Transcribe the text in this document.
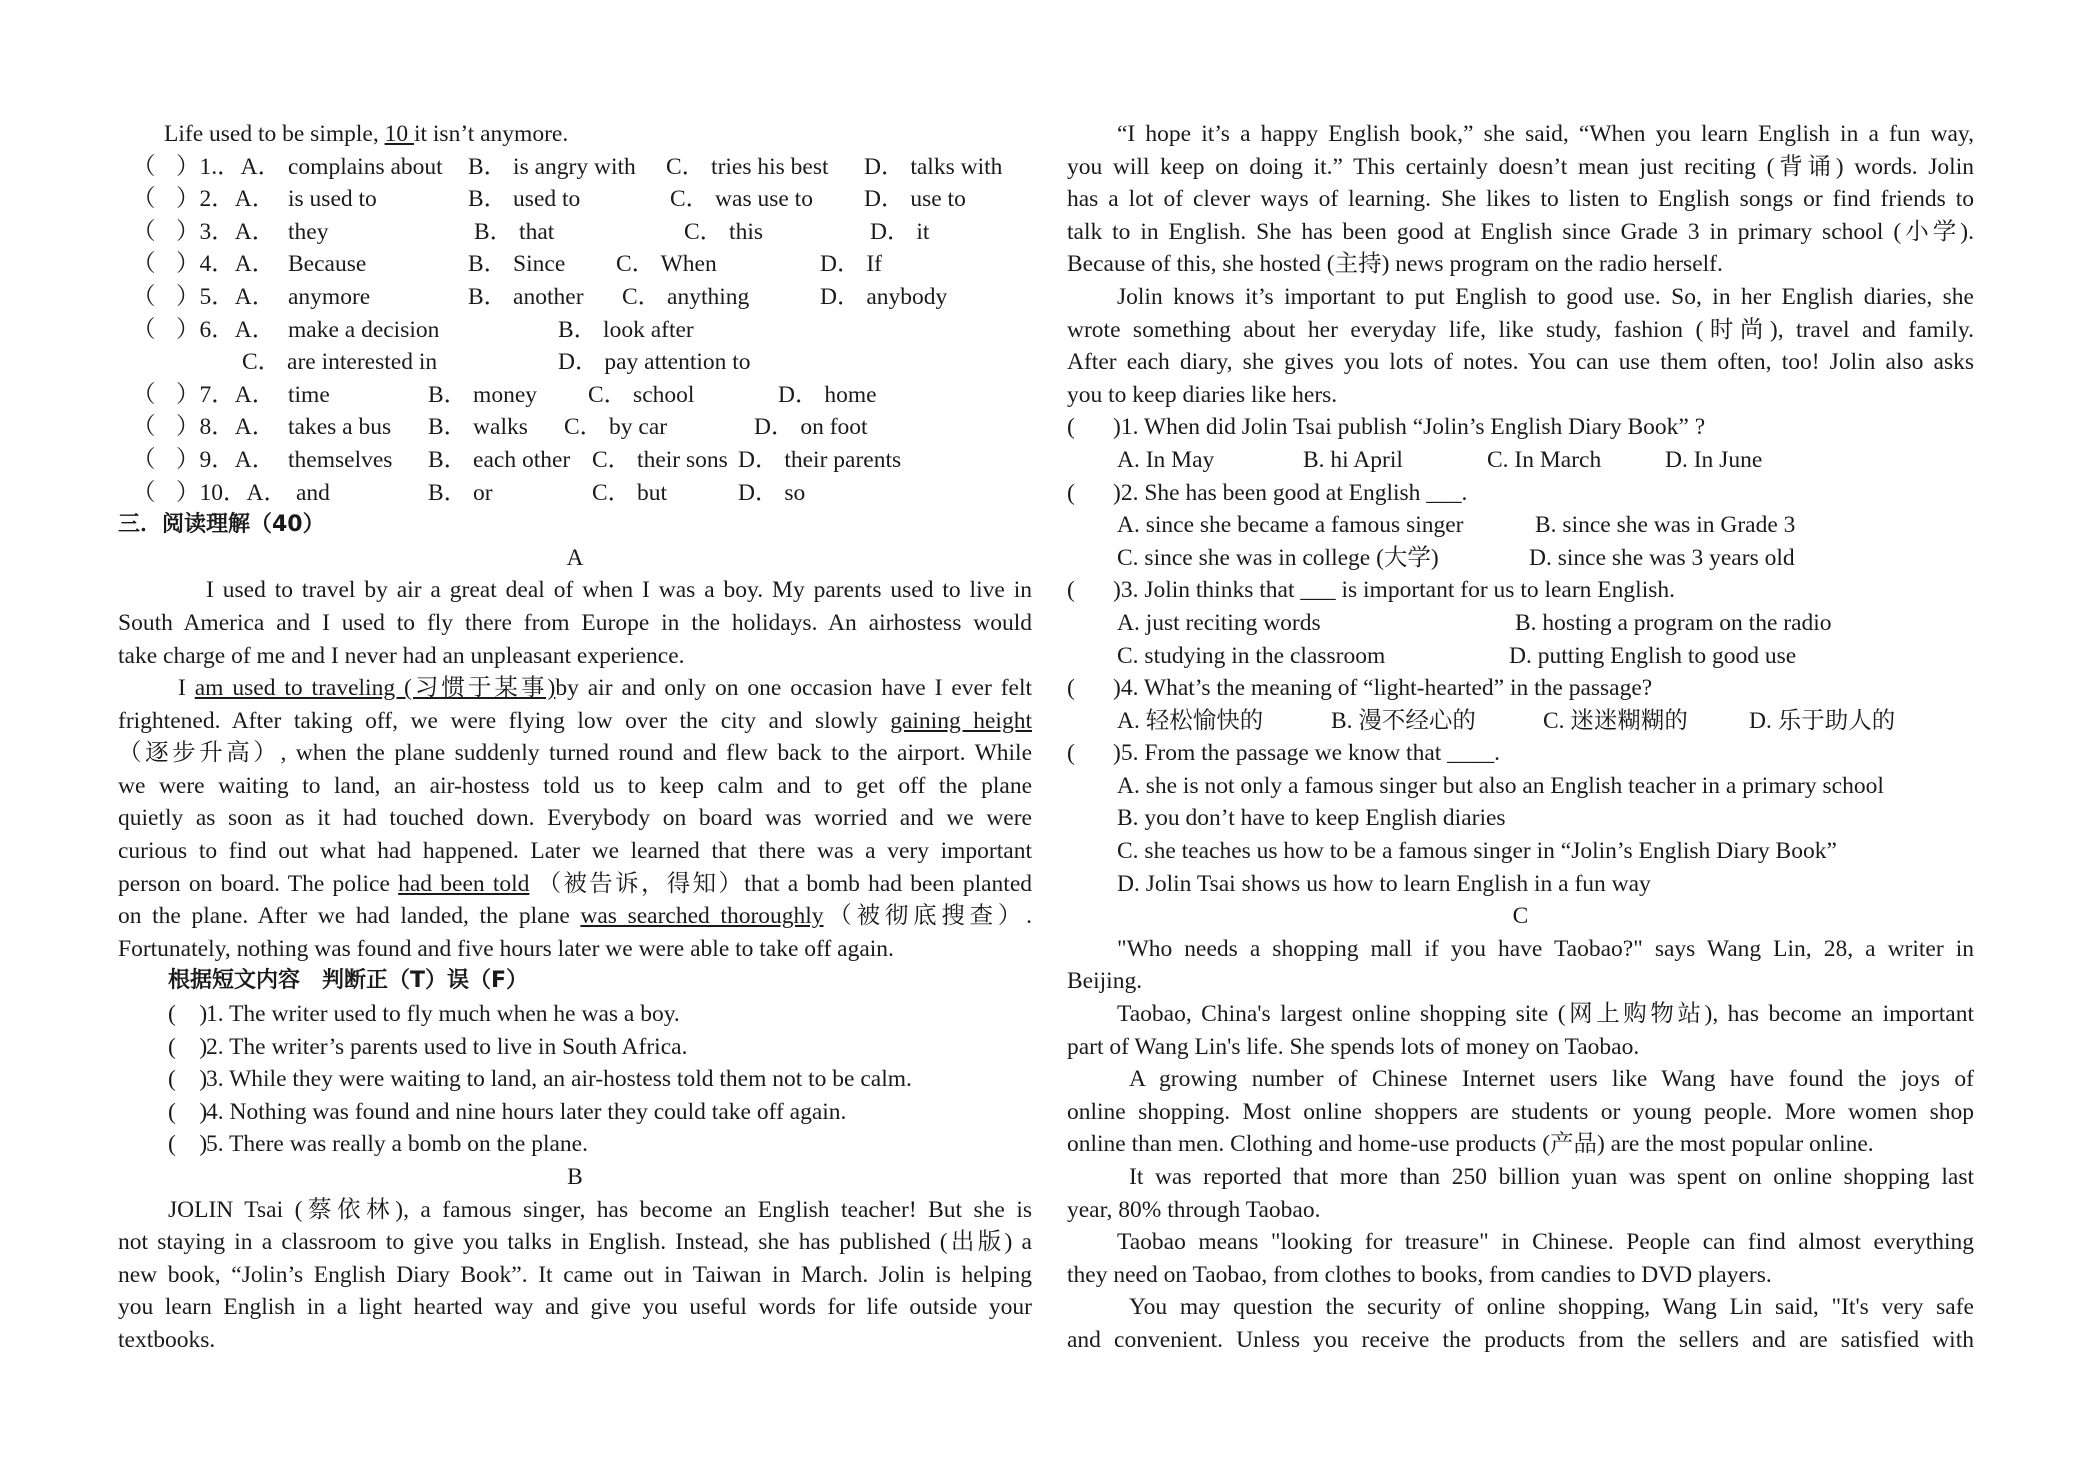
Life used to be simple, 10 it isn’t anymore.
（ ）1.．A． complains about B． is angry with C． tries his best D． talks with
（ ）2．A． is used to	B． used to	C． was use to D． use to
（ ）3．A． they	B． that	C． this	D． it
（ ）4．A． Because	B． Since C． When	D． If
（ ）5．A． anymore	B． another C． anything	D． anybody
（ ）6．A． make a decision	B． look after
C． are interested in	D． pay attention to
（ ）7．A． time	B． money C． school	D． home
（ ）8．A． takes a bus B． walks C． by car	D． on foot
（ ）9．A． themselves B． each other C． their sons D． their parents
（ ）10．A． and	B． or	C． but	D． so
三．阅读理解（40）
A
I used to travel by air a great deal of when I was a boy. My parents used to live in
South America and I used to fly there from Europe in the holidays. An airhostess would
take charge of me and I never had an unpleasant experience.
I am used to traveling (习惯于某事)by air and only on one occasion have I ever felt
frightened. After taking off, we were flying low over the city and slowly gaining height
（逐步升高）, when the plane suddenly turned round and flew back to the airport. While
we were waiting to land, an air-hostess told us to keep calm and to get off the plane
quietly as soon as it had touched down. Everybody on board was worried and we were
curious to find out what had happened. Later we learned that there was a very important
person on board. The police had been told （被告诉，得知）that a bomb had been planted
on the plane. After we had landed, the plane was searched thoroughly（被彻底搜查）.
Fortunately, nothing was found and five hours later we were able to take off again.
根据短文内容　判断正（T）误（F）
(　)
1. The writer used to fly much when he was a boy.
(　)
2. The writer’s parents used to live in South Africa.
(　)
3. While they were waiting to land, an air-hostess told them not to be calm.
(　)
4. Nothing was found and nine hours later they could take off again.
(　)
5. There was really a bomb on the plane.
B
JOLIN Tsai (蔡依林), a famous singer, has become an English teacher! But she is
not staying in a classroom to give you talks in English. Instead, she has published (出版) a
new book, “Jolin’s English Diary Book”. It came out in Taiwan in March. Jolin is helping
you learn English in a light hearted way and give you useful words for life outside your
textbooks.
“I hope it’s a happy English book,” she said, “When you learn English in a fun way,
you will keep on doing it.” This certainly doesn’t mean just reciting (背诵) words. Jolin
has a lot of clever ways of learning. She likes to listen to English songs or find friends to
talk to in English. She has been good at English since Grade 3 in primary school (小学).
Because of this, she hosted (主持) news program on the radio herself.
Jolin knows it’s important to put English to good use. So, in her English diaries, she
wrote something about her everyday life, like study, fashion (时尚), travel and family.
After each diary, she gives you lots of notes. You can use them often, too! Jolin also asks
you to keep diaries like hers.
( )1. When did Jolin Tsai publish “Jolin’s English Diary Book” ?
A. In May	B. hi April	C. In March	D. In June
( )2. She has been good at English ___.
A. since she became a famous singer	B. since she was in Grade 3
C. since she was in college (大学)	D. since she was 3 years old
( )3. Jolin thinks that ___ is important for us to learn English.
A. just reciting words	B. hosting a program on the radio
C. studying in the classroom	D. putting English to good use
( )4. What’s the meaning of “light-hearted” in the passage?
A. 轻松愉快的	B. 漫不经心的	C. 迷迷糊糊的	D. 乐于助人的
( )5. From the passage we know that ____.
A. she is not only a famous singer but also an English teacher in a primary school
B. you don’t have to keep English diaries
C. she teaches us how to be a famous singer in “Jolin’s English Diary Book”
D. Jolin Tsai shows us how to learn English in a fun way
C
"Who needs a shopping mall if you have Taobao?" says Wang Lin, 28, a writer in
Beijing.
Taobao, China's largest online shopping site (网上购物站), has become an important
part of Wang Lin's life. She spends lots of money on Taobao.
A growing number of Chinese Internet users like Wang have found the joys of
online shopping. Most online shoppers are students or young people. More women shop
online than men. Clothing and home-use products (产品) are the most popular online.
It was reported that more than 250 billion yuan was spent on online shopping last
year, 80% through Taobao.
Taobao means "looking for treasure" in Chinese. People can find almost everything
they need on Taobao, from clothes to books, from candies to DVD players.
You may question the security of online shopping, Wang Lin said, "It's very safe
and convenient. Unless you receive the products from the sellers and are satisfied with
